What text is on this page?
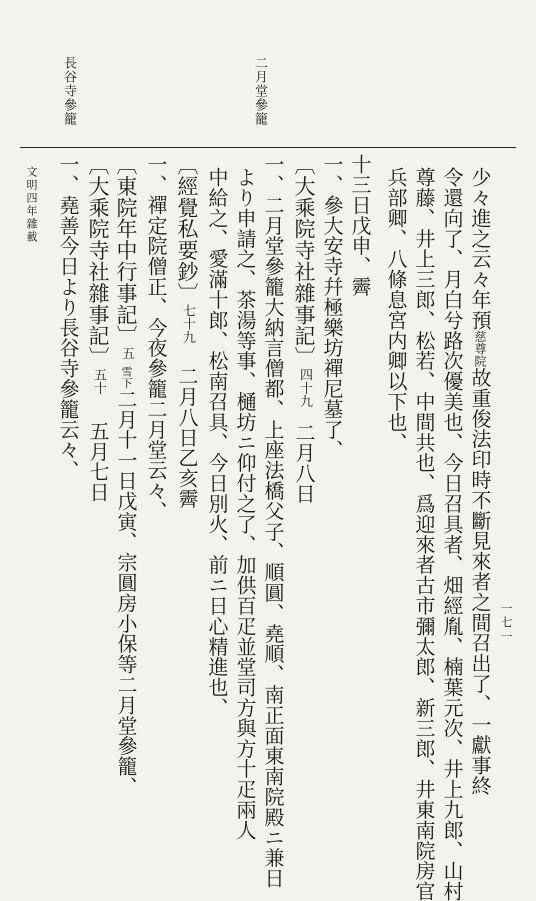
二月堂參籠
長谷寺參籠
少々進之云々年預慈尊院故重俊法印時不斷見來者之間召出了、一獻事終
令還向了、月白兮路次優美也、今日召具者、畑經胤、楠葉元次、井上九郎、山村
尊藤、井上三郎、松若、中間共也、爲迎來者古市彌太郎、新三郎、井東南院房官
兵部卿、八條息宮内卿以下也、
十三日戊申、霽
一、參大安寺幷極樂坊禪尼墓了、
〔大乘院寺社雜事記〕四十九二月八日
一、二月堂參籠大納言僧都、上座法橋父子、順圓、堯順、南正面東南院殿ニ兼日
より申請之、茶湯等事、樋坊ニ仰付之了、加供百疋並堂司方與方十疋兩人
中給之、愛滿十郎、松南召具、今日別火、前ニ日心精進也、
〔經覺私要鈔〕七十九二月八日乙亥霽
一、禪定院僧正、今夜參籠二月堂云々、
〔東院年中行事記〕五雪下二月十一日戊寅、宗圓房小保等二月堂參籠、
〔大乘院寺社雜事記〕五十五月七日
一、堯善今日より長谷寺參籠云々、
文明四年雜載
一七一
